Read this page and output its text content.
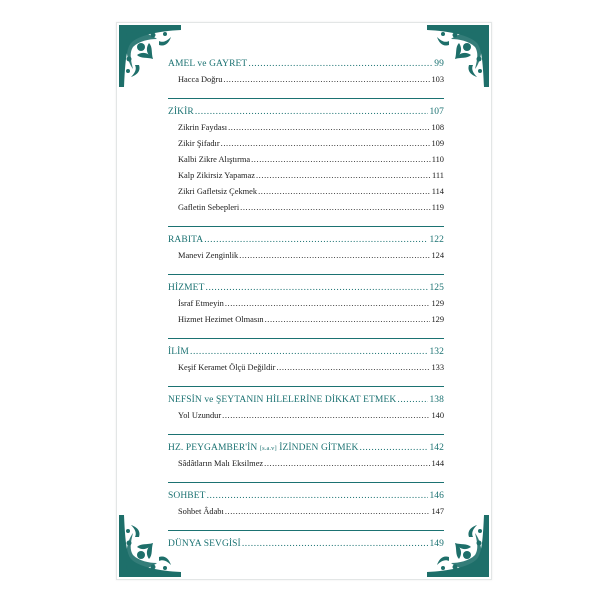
AMEL ve GAYRET .....	99
Hacca Doğru .....	103
ZİKİR .....	107
Zikrin Faydası .....	108
Zikir Şifadır .....	109
Kalbi Zikre Alıştırma .....	110
Kalp Zikirsiz Yapamaz .....	111
Zikri Gafletsiz Çekmek .....	114
Gafletin Sebepleri .....	119
RABITA .....	122
Manevi Zenginlik .....	124
HİZMET .....	125
İsraf Etmeyin .....	129
Hizmet Hezimet Olmasın .....	129
İLİM .....	132
Keşif Keramet Ölçü Değildir .....	133
NEFSİN ve ŞEYTANIN HİLELERİNE DİKKAT ETMEK .....	138
Yol Uzundur .....	140
HZ. PEYGAMBER'İN [s.a.v] İZİNDEN GİTMEK .....	142
Sâdâtların Malı Eksilmez .....	144
SOHBET .....	146
Sohbet Âdabı .....	147
DÜNYA SEVGİSİ .....	149
